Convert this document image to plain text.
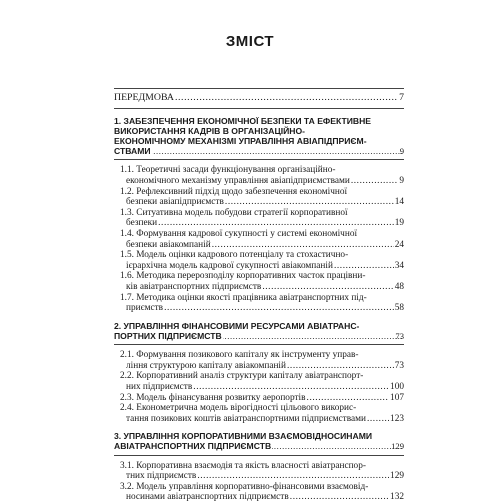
ЗМІСТ
ПЕРЕДМОВА .....	7
1. ЗАБЕЗПЕЧЕННЯ ЕКОНОМІЧНОЇ БЕЗПЕКИ ТА ЕФЕКТИВНЕ
ВИКОРИСТАННЯ КАДРІВ В ОРГАНІЗАЦІЙНО-
ЕКОНОМІЧНОМУ МЕХАНІЗМІ УПРАВЛІННЯ АВІАПІДПРИЄМ-
СТВАМИ .....	9
1.1. Теоретичні засади функціонування організаційно-
економічного механізму управління авіапідприємствами .....	9
1.2. Рефлексивний підхід щодо забезпечення економічної
безпеки авіапідприємств .....	14
1.3. Ситуативна модель побудови стратегії корпоративної
безпеки .....	19
1.4. Формування кадрової сукупності у системі економічної
безпеки авіакомпаній .....	24
1.5. Модель оцінки кадрового потенціалу та стохастично-
ієрархічна модель кадрової сукупності авіакомпаній .....	34
1.6. Методика перерозподілу корпоративних часток працівни-
ків авіатранспортних підприємств .....	48
1.7. Методика оцінки якості працівника авіатранспортних під-
приємств .....	58
2. УПРАВЛІННЯ ФІНАНСОВИМИ РЕСУРСАМИ АВІАТРАНС-
ПОРТНИХ ПІДПРИЄМСТВ .....	73
2.1. Формування позикового капіталу як інструменту управ-
ління структурою капіталу авіакомпаній .....	73
2.2. Корпоративний аналіз структури капіталу авіатранспорт-
них підприємств .....	100
2.3. Модель фінансування розвитку аеропортів .....	107
2.4. Економетрична модель вірогідності цільового викорис-
тання позикових коштів авіатранспортними підприємствами .....	123
3. УПРАВЛІННЯ КОРПОРАТИВНИМИ ВЗАЄМОВІДНОСИНАМИ
АВІАТРАНСПОРТНИХ ПІДПРИЄМСТВ .....	129
3.1. Корпоративна взаємодія та якість власності авіатранспор-
тних підприємств .....	129
3.2. Модель управління корпоративно-фінансовими взаємовід-
носинами авіатранспортних підприємств .....	132
